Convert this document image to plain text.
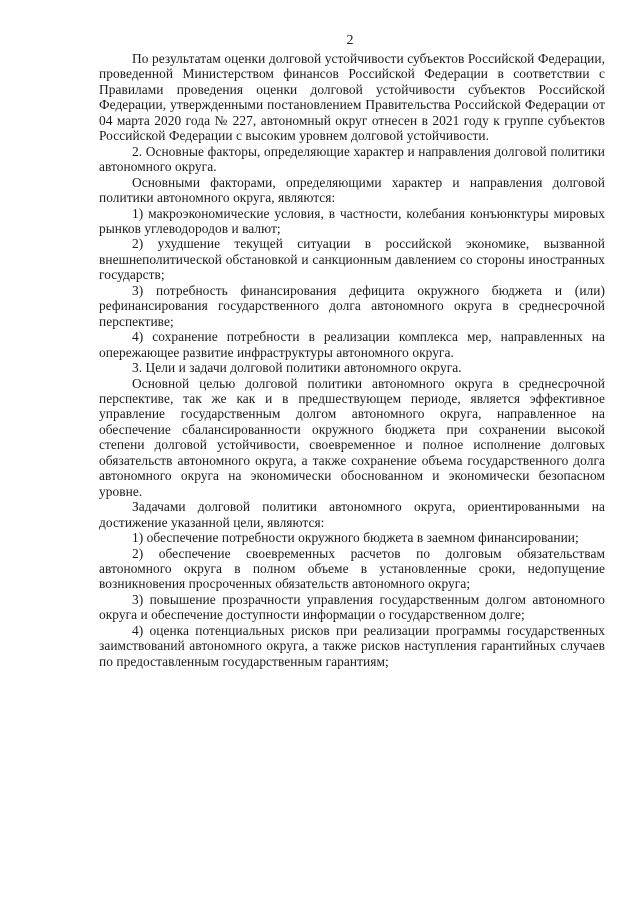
2

По результатам оценки долговой устойчивости субъектов Российской Федерации, проведенной Министерством финансов Российской Федерации в соответствии с Правилами проведения оценки долговой устойчивости субъектов Российской Федерации, утвержденными постановлением Правительства Российской Федерации от 04 марта 2020 года № 227, автономный округ отнесен в 2021 году к группе субъектов Российской Федерации с высоким уровнем долговой устойчивости.

2. Основные факторы, определяющие характер и направления долговой политики автономного округа.

Основными факторами, определяющими характер и направления долговой политики автономного округа, являются:

1) макроэкономические условия, в частности, колебания конъюнктуры мировых рынков углеводородов и валют;

2) ухудшение текущей ситуации в российской экономике, вызванной внешнеполитической обстановкой и санкционным давлением со стороны иностранных государств;

3) потребность финансирования дефицита окружного бюджета и (или) рефинансирования государственного долга автономного округа в среднесрочной перспективе;

4) сохранение потребности в реализации комплекса мер, направленных на опережающее развитие инфраструктуры автономного округа.

3. Цели и задачи долговой политики автономного округа.

Основной целью долговой политики автономного округа в среднесрочной перспективе, так же как и в предшествующем периоде, является эффективное управление государственным долгом автономного округа, направленное на обеспечение сбалансированности окружного бюджета при сохранении высокой степени долговой устойчивости, своевременное и полное исполнение долговых обязательств автономного округа, а также сохранение объема государственного долга автономного округа на экономически обоснованном и экономически безопасном уровне.

Задачами долговой политики автономного округа, ориентированными на достижение указанной цели, являются:

1) обеспечение потребности окружного бюджета в заемном финансировании;

2) обеспечение своевременных расчетов по долговым обязательствам автономного округа в полном объеме в установленные сроки, недопущение возникновения просроченных обязательств автономного округа;

3) повышение прозрачности управления государственным долгом автономного округа и обеспечение доступности информации о государственном долге;

4) оценка потенциальных рисков при реализации программы государственных заимствований автономного округа, а также рисков наступления гарантийных случаев по предоставленным государственным гарантиям;
